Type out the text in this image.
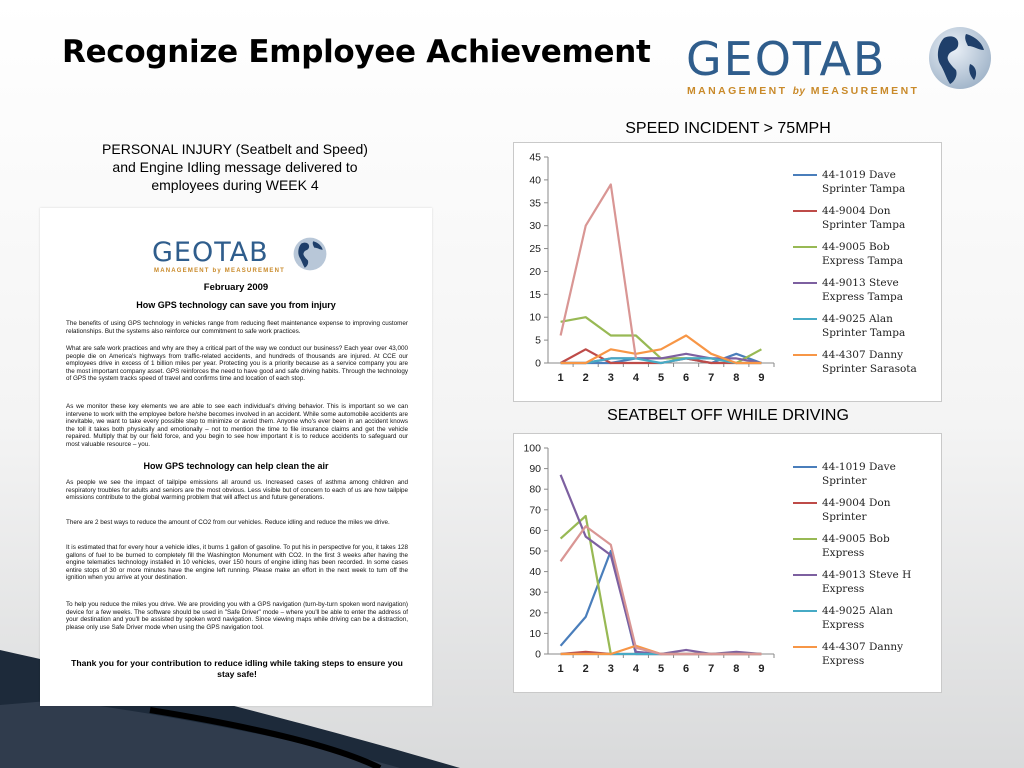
Recognize Employee Achievement GEOTAB
MANAGEMENT by MEASUREMENT
PERSONAL INJURY (Seatbelt and Speed)
and Engine Idling message delivered to
employees during WEEK 4
GEOTAB
MANAGEMENT by MEASUREMENT
February 2009
How GPS technology can save you from injury

The benefits of using GPS technology in vehicles range from reducing fleet maintenance expense to improving customer relationships. But the systems also reinforce our commitment to safe work practices.

What are safe work practices and why are they a critical part of the way we conduct our business? Each year over 43,000 people die on America's highways from traffic-related accidents, and hundreds of thousands are injured. At CCE our employees drive in excess of 1 billion miles per year. Protecting you is a priority because as a service company you are the most important company asset. GPS reinforces the need to have good and safe driving habits. Through the technology of GPS the system tracks speed of travel and confirms time and location of each stop.

As we monitor these key elements we are able to see each individual's driving behavior. This is important so we can intervene to work with the employee before he/she becomes involved in an accident. While some automobile accidents are inevitable, we want to take every possible step to minimize or avoid them. Anyone who's ever been in an accident knows the toll it takes both physically and emotionally – not to mention the time to file insurance claims and get the vehicle repaired. Multiply that by our field force, and you begin to see how important it is to reduce accidents to safeguard our most valuable resource – you.

How GPS technology can help clean the air

As people we see the impact of tailpipe emissions all around us. Increased cases of asthma among children and respiratory troubles for adults and seniors are the most obvious. Less visible but of concern to each of us are how tailpipe emissions contribute to the global warming problem that will affect us and future generations.

There are 2 best ways to reduce the amount of CO2 from our vehicles. Reduce idling and reduce the miles we drive.

It is estimated that for every hour a vehicle idles, it burns 1 gallon of gasoline. To put his in perspective for you, it takes 128 gallons of fuel to be burned to completely fill the Washington Monument with CO2. In the first 3 weeks after having the engine telematics technology installed in 10 vehicles, over 150 hours of engine idling has been recorded. In some cases entire stops of 30 or more minutes have the engine left running. Please make an effort in the next week to turn off the ignition when you arrive at your destination.

To help you reduce the miles you drive. We are providing you with a GPS navigation (turn-by-turn spoken word navigation) device for a few weeks. The software should be used in "Safe Driver" mode – where you'll be able to enter the address of your destination and you'll be assisted by spoken word navigation. Since viewing maps while driving can be a distraction, please only use Safe Driver mode when using the GPS navigation tool.

Thank you for your contribution to reduce idling while taking steps to ensure you stay safe!
SPEED INCIDENT > 75MPH
0
5
10
15
20
25
30
35
40
45
1 2 3 4 5 6 7 8 9
44-1019 Dave Sprinter Tampa
44-9004 Don Sprinter Tampa
44-9005 Bob Express Tampa
44-9013 Steve Express Tampa
44-9025 Alan Sprinter Tampa
44-4307 Danny Sprinter Sarasota
SEATBELT OFF WHILE DRIVING
0
10
20
30
40
50
60
70
80
90
100
1 2 3 4 5 6 7 8 9
44-1019 Dave Sprinter
44-9004 Don Sprinter
44-9005 Bob Express
44-9013 Steve H Express
44-9025 Alan Express
44-4307 Danny Express
